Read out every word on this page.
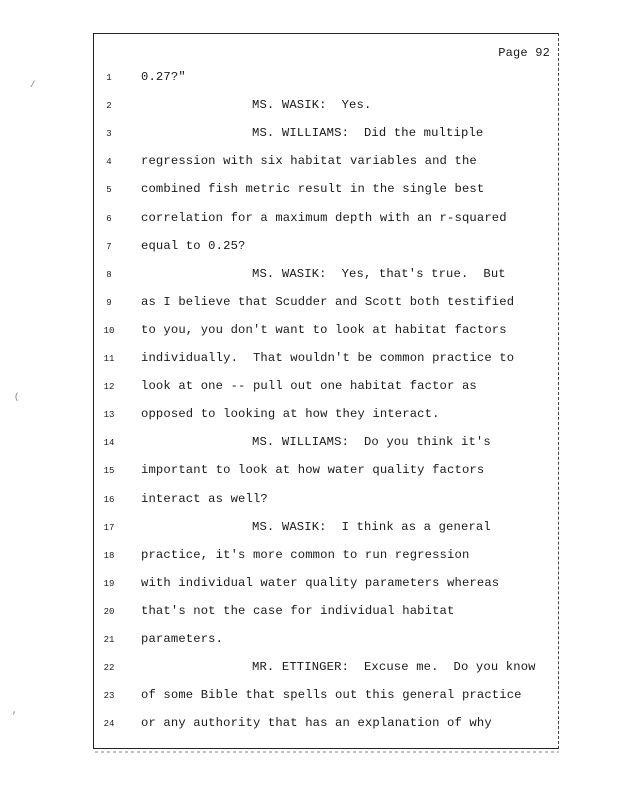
Page 92
1	0.27?"
2	MS. WASIK:  Yes.
3	MS. WILLIAMS:  Did the multiple
4	regression with six habitat variables and the
5	combined fish metric result in the single best
6	correlation for a maximum depth with an r-squared
7	equal to 0.25?
8	MS. WASIK:  Yes, that's true.  But
9	as I believe that Scudder and Scott both testified
10	to you, you don't want to look at habitat factors
11	individually.  That wouldn't be common practice to
12	look at one -- pull out one habitat factor as
13	opposed to looking at how they interact.
14	MS. WILLIAMS:  Do you think it's
15	important to look at how water quality factors
16	interact as well?
17	MS. WASIK:  I think as a general
18	practice, it's more common to run regression
19	with individual water quality parameters whereas
20	that's not the case for individual habitat
21	parameters.
22	MR. ETTINGER:  Excuse me.  Do you know
23	of some Bible that spells out this general practice
24	or any authority that has an explanation of why
/
(
,
